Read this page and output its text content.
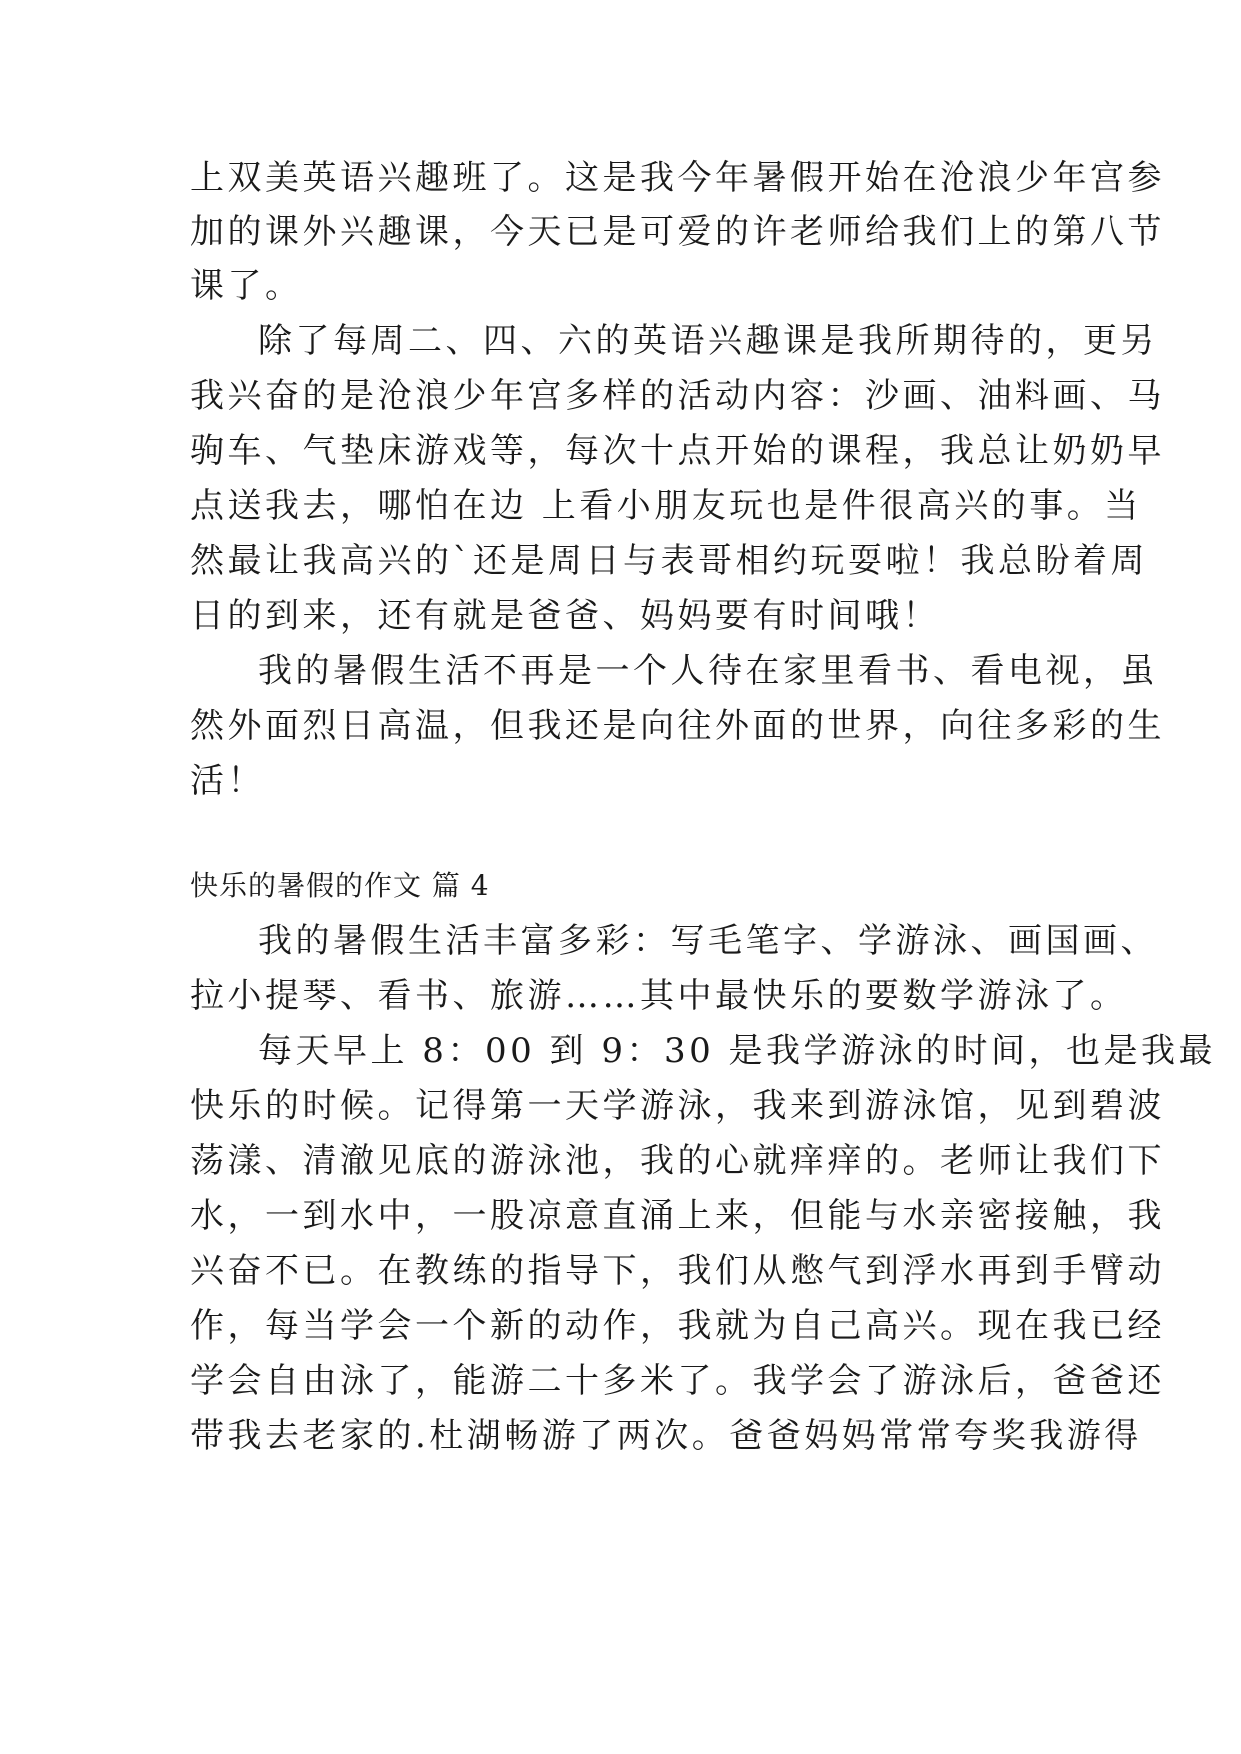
上双美英语兴趣班了。这是我今年暑假开始在沧浪少年宫参
加的课外兴趣课，今天已是可爱的许老师给我们上的第八节
课了。
除了每周二、四、六的英语兴趣课是我所期待的，更另
我兴奋的是沧浪少年宫多样的活动内容：沙画、油料画、马
驹车、气垫床游戏等，每次十点开始的课程，我总让奶奶早
点送我去，哪怕在边 上看小朋友玩也是件很高兴的事。当
然最让我高兴的`还是周日与表哥相约玩耍啦！我总盼着周
日的到来，还有就是爸爸、妈妈要有时间哦！
我的暑假生活不再是一个人待在家里看书、看电视，虽
然外面烈日高温，但我还是向往外面的世界，向往多彩的生
活！
快乐的暑假的作文 篇 4
我的暑假生活丰富多彩：写毛笔字、学游泳、画国画、
拉小提琴、看书、旅游……其中最快乐的要数学游泳了。
每天早上 8：00 到 9：30 是我学游泳的时间，也是我最
快乐的时候。记得第一天学游泳，我来到游泳馆，见到碧波
荡漾、清澈见底的游泳池，我的心就痒痒的。老师让我们下
水，一到水中，一股凉意直涌上来，但能与水亲密接触，我
兴奋不已。在教练的指导下，我们从憋气到浮水再到手臂动
作，每当学会一个新的动作，我就为自己高兴。现在我已经
学会自由泳了，能游二十多米了。我学会了游泳后，爸爸还
带我去老家的.杜湖畅游了两次。爸爸妈妈常常夸奖我游得
